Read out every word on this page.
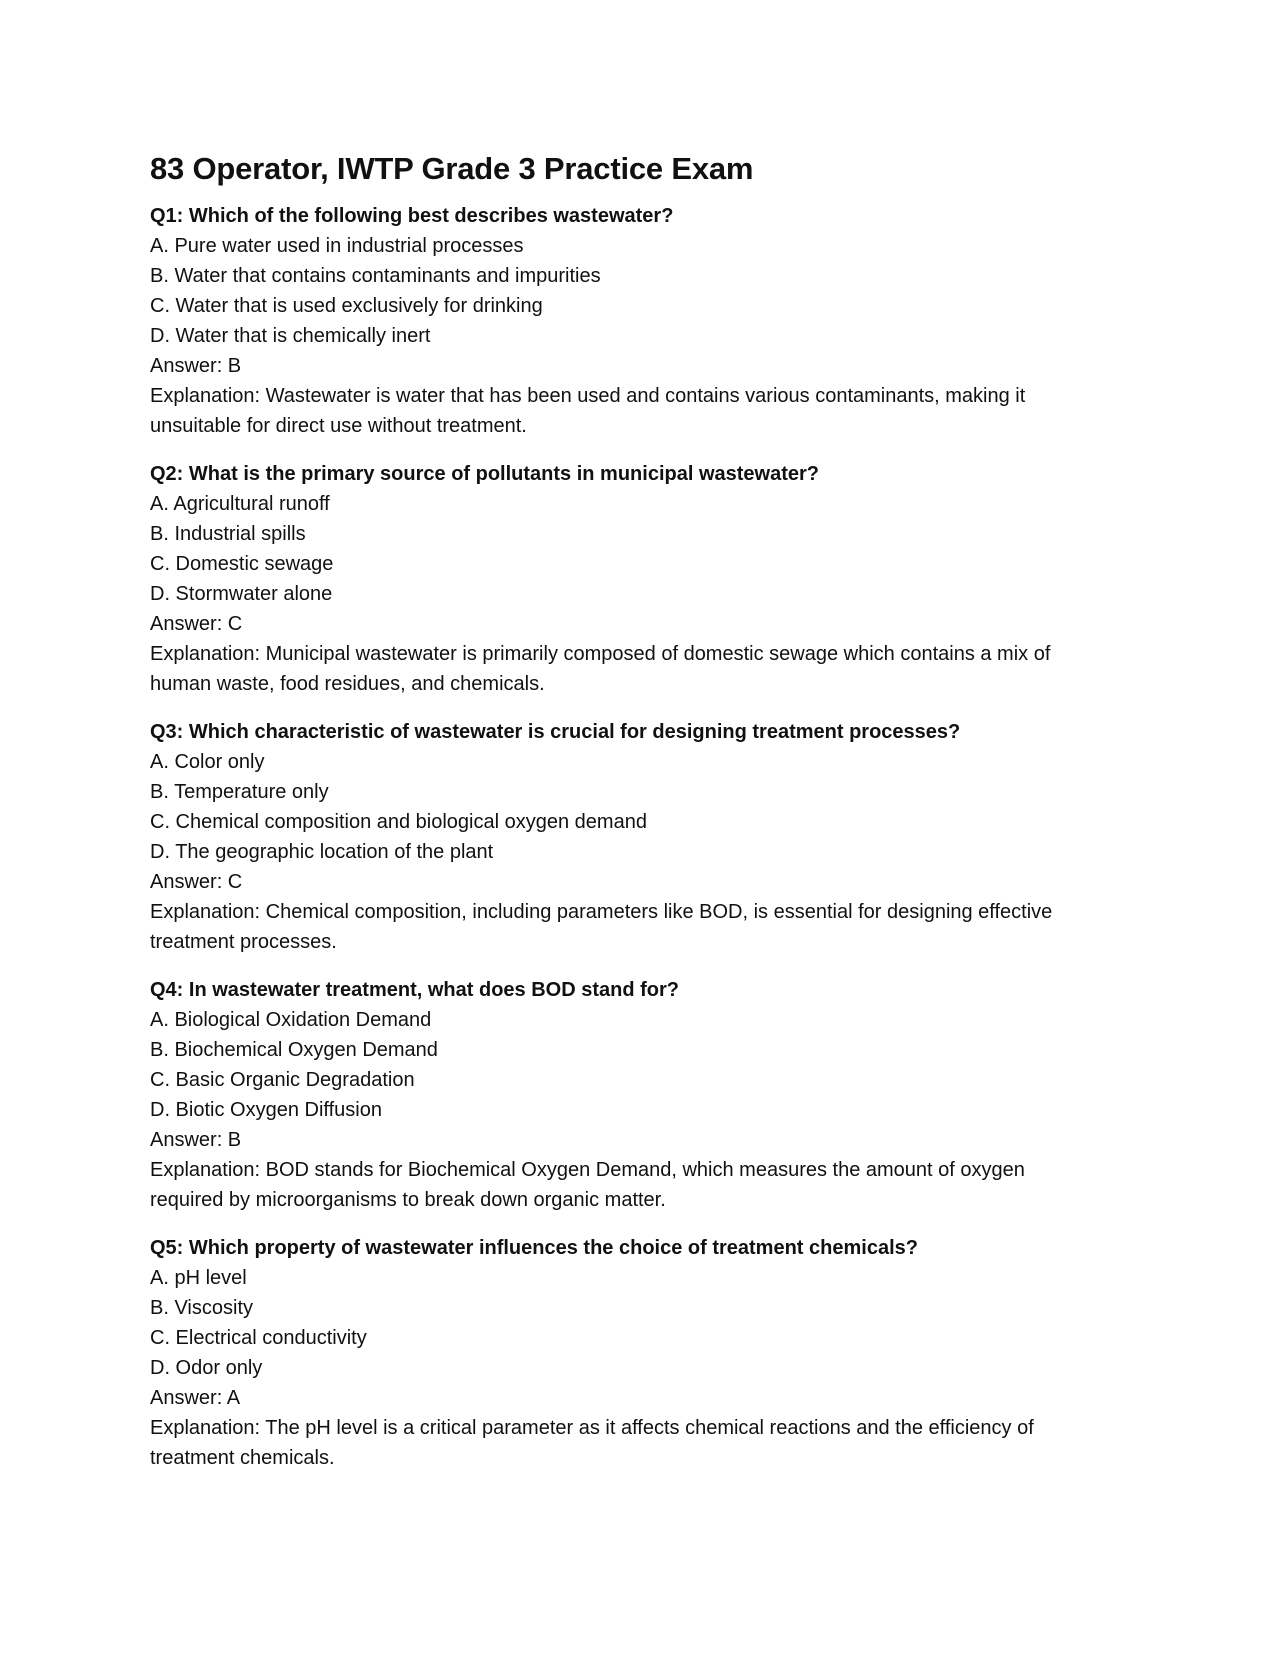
83 Operator, IWTP Grade 3 Practice Exam

Q1: Which of the following best describes wastewater?

A. Pure water used in industrial processes

B. Water that contains contaminants and impurities

C. Water that is used exclusively for drinking

D. Water that is chemically inert

Answer: B

Explanation: Wastewater is water that has been used and contains various contaminants, making it

unsuitable for direct use without treatment.

Q2: What is the primary source of pollutants in municipal wastewater?

A. Agricultural runoff

B. Industrial spills

C. Domestic sewage

D. Stormwater alone

Answer: C

Explanation: Municipal wastewater is primarily composed of domestic sewage which contains a mix of

human waste, food residues, and chemicals.

Q3: Which characteristic of wastewater is crucial for designing treatment processes?

A. Color only

B. Temperature only

C. Chemical composition and biological oxygen demand

D. The geographic location of the plant

Answer: C

Explanation: Chemical composition, including parameters like BOD, is essential for designing effective

treatment processes.

Q4: In wastewater treatment, what does BOD stand for?

A. Biological Oxidation Demand

B. Biochemical Oxygen Demand

C. Basic Organic Degradation

D. Biotic Oxygen Diffusion

Answer: B

Explanation: BOD stands for Biochemical Oxygen Demand, which measures the amount of oxygen

required by microorganisms to break down organic matter.

Q5: Which property of wastewater influences the choice of treatment chemicals?

A. pH level

B. Viscosity

C. Electrical conductivity

D. Odor only

Answer: A

Explanation: The pH level is a critical parameter as it affects chemical reactions and the efficiency of

treatment chemicals.
